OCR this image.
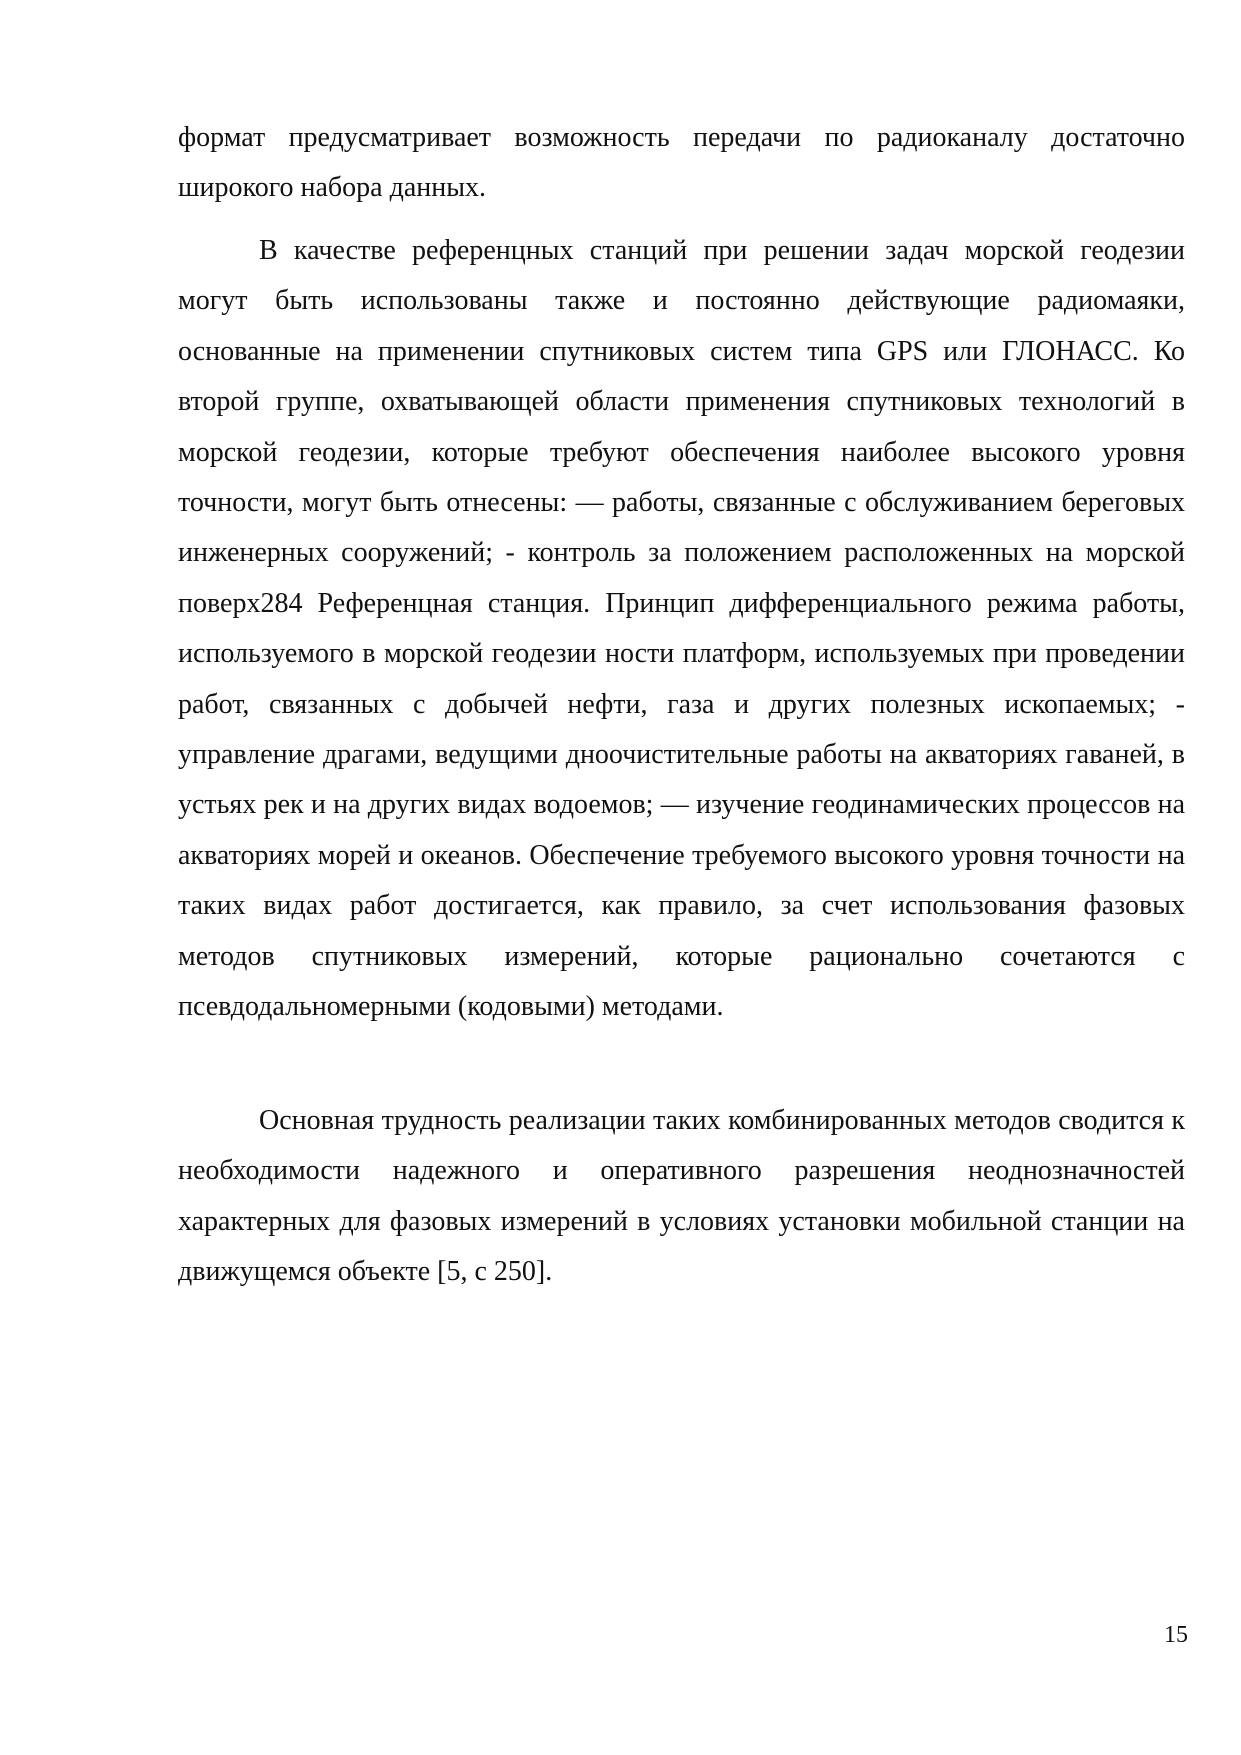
формат предусматривает возможность передачи по радиоканалу достаточно широкого набора данных.

В качестве референцных станций при решении задач морской геодезии могут быть использованы также и постоянно действующие радиомаяки, основанные на применении спутниковых систем типа GPS или ГЛОНАСС. Ко второй группе, охватывающей области применения спутниковых технологий в морской геодезии, которые требуют обеспечения наиболее высокого уровня точности, могут быть отнесены: — работы, связанные с обслуживанием береговых инженерных сооружений; - контроль за положением расположенных на морской поверх284 Референцная станция. Принцип дифференциального режима работы, используемого в морской геодезии ности платформ, используемых при проведении работ, связанных с добычей нефти, газа и других полезных ископаемых; - управление драгами, ведущими дноочистительные работы на акваториях гаваней, в устьях рек и на других видах водоемов; — изучение геодинамических процессов на акваториях морей и океанов. Обеспечение требуемого высокого уровня точности на таких видах работ достигается, как правило, за счет использования фазовых методов спутниковых измерений, которые рационально сочетаются с псевдодальномерными (кодовыми) методами.

Основная трудность реализации таких комбинированных методов сводится к необходимости надежного и оперативного разрешения неоднозначностей характерных для фазовых измерений в условиях установки мобильной станции на движущемся объекте [5, с 250].

15
